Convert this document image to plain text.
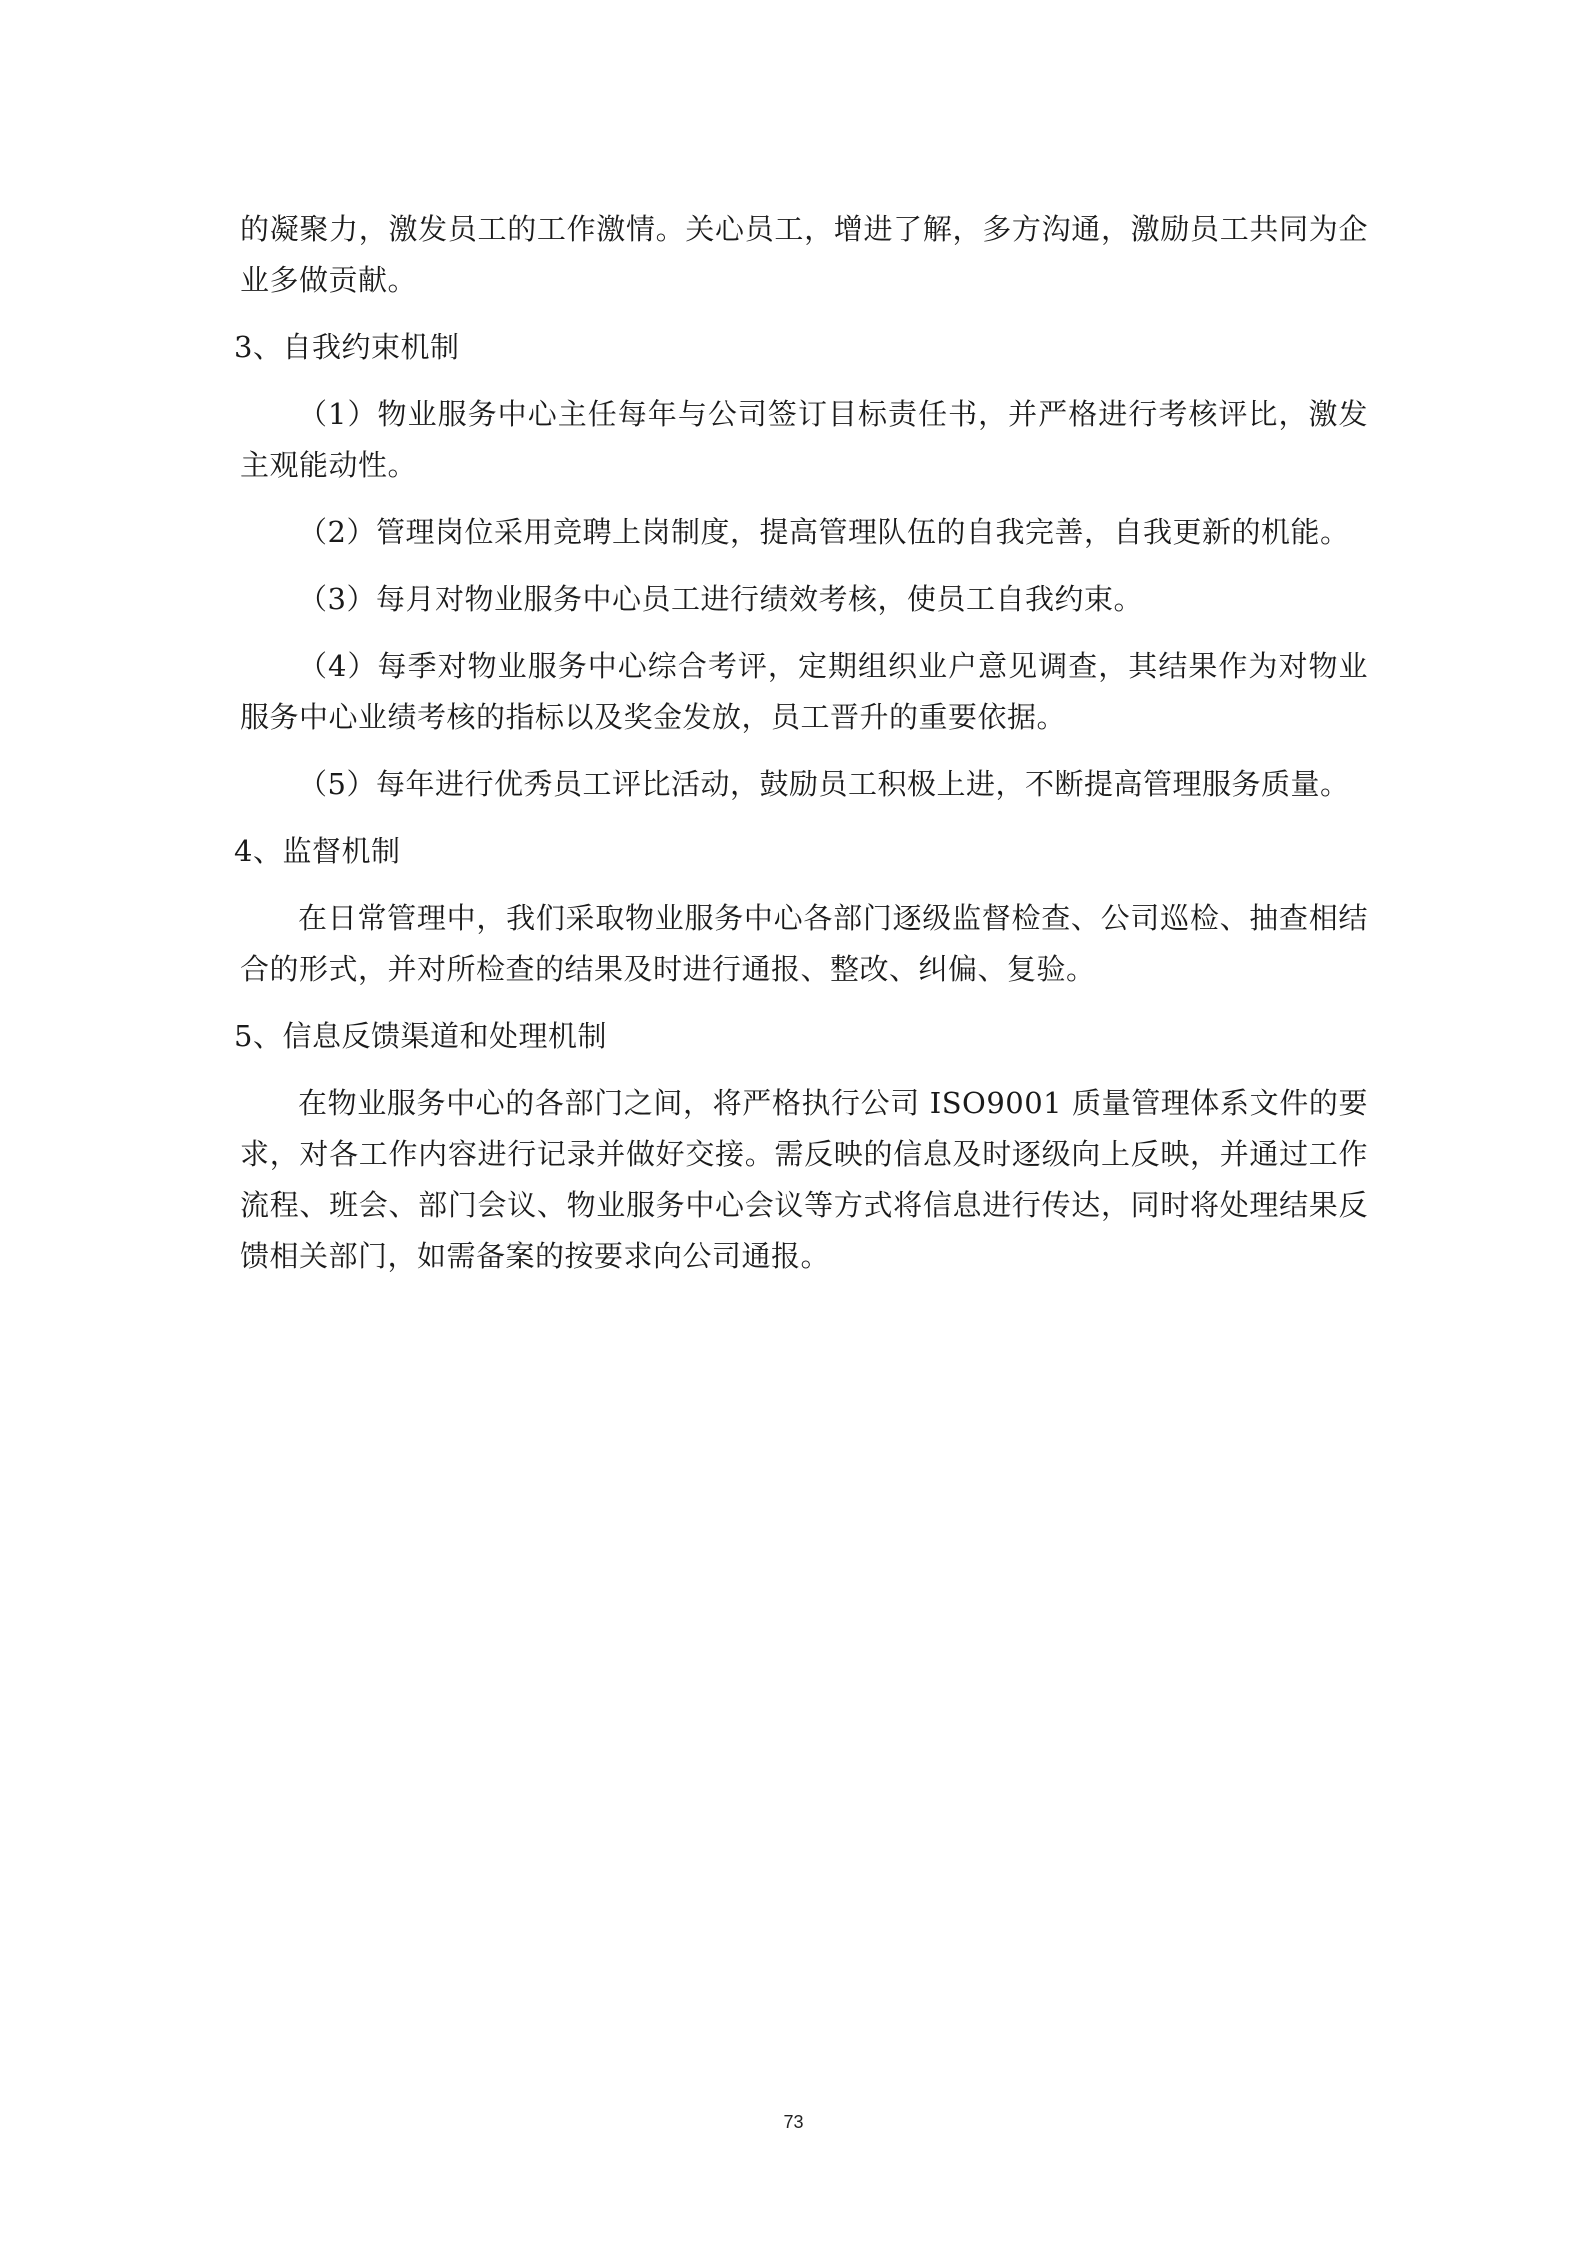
的凝聚力，激发员工的工作激情。关心员工，增进了解，多方沟通，激励员工共同为企业多做贡献。

3、自我约束机制

（1）物业服务中心主任每年与公司签订目标责任书，并严格进行考核评比，激发主观能动性。

（2）管理岗位采用竞聘上岗制度，提高管理队伍的自我完善，自我更新的机能。

（3）每月对物业服务中心员工进行绩效考核，使员工自我约束。

（4）每季对物业服务中心综合考评，定期组织业户意见调查，其结果作为对物业服务中心业绩考核的指标以及奖金发放，员工晋升的重要依据。

（5）每年进行优秀员工评比活动，鼓励员工积极上进，不断提高管理服务质量。

4、监督机制

在日常管理中，我们采取物业服务中心各部门逐级监督检查、公司巡检、抽查相结合的形式，并对所检查的结果及时进行通报、整改、纠偏、复验。

5、信息反馈渠道和处理机制

在物业服务中心的各部门之间，将严格执行公司 ISO9001 质量管理体系文件的要求，对各工作内容进行记录并做好交接。需反映的信息及时逐级向上反映，并通过工作流程、班会、部门会议、物业服务中心会议等方式将信息进行传达，同时将处理结果反馈相关部门，如需备案的按要求向公司通报。

73
